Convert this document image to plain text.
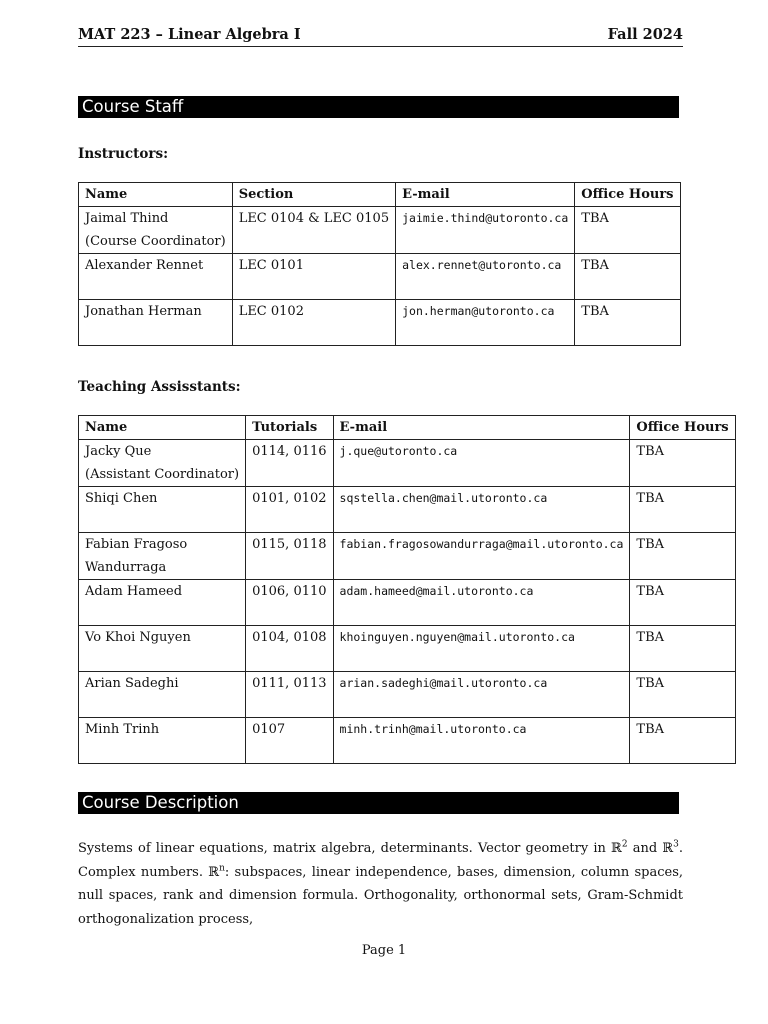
MAT 223 – Linear Algebra I	Fall 2024
Course Staff
Instructors:
Name	Section	E-mail	Office Hours

Jaimal Thind
(Course Coordinator)	LEC 0104 & LEC 0105	jaimie.thind@utoronto.ca	TBA

Alexander Rennet	LEC 0101	alex.rennet@utoronto.ca	TBA

Jonathan Herman	LEC 0102	jon.herman@utoronto.ca	TBA
Teaching Assisstants:
Name	Tutorials	E-mail	Office Hours

Jacky Que
(Assistant Coordinator)	0114, 0116	j.que@utoronto.ca	TBA

Shiqi Chen	0101, 0102	sqstella.chen@mail.utoronto.ca	TBA

Fabian Fragoso
Wandurraga	0115, 0118	fabian.fragosowandurraga@mail.utoronto.ca	TBA

Adam Hameed	0106, 0110	adam.hameed@mail.utoronto.ca	TBA

Vo Khoi Nguyen	0104, 0108	khoinguyen.nguyen@mail.utoronto.ca	TBA

Arian Sadeghi	0111, 0113	arian.sadeghi@mail.utoronto.ca	TBA

Minh Trinh	0107	minh.trinh@mail.utoronto.ca	TBA
Course Description
Systems of linear equations, matrix algebra, determinants. Vector geometry in ℝ$^2$ and ℝ$^3$. Complex numbers. ℝ$^n$: subspaces, linear independence, bases, dimension, column spaces, null spaces, rank and dimension formula. Orthogonality, orthonormal sets, Gram-Schmidt orthogonalization process,
Page 1
